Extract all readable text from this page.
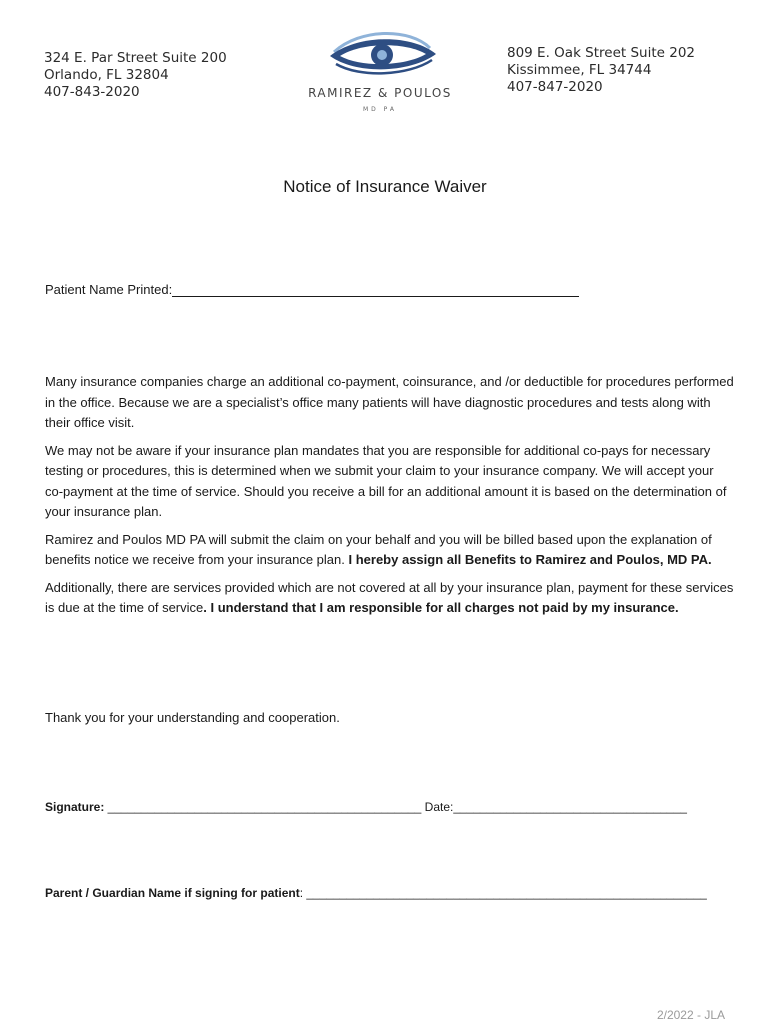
324 E. Par Street Suite 200
Orlando, FL 32804
407-843-2020	RAMIREZ & POULOS
MD PA
809 E. Oak Street Suite 202
Kissimmee, FL 34744
407-847-2020
Notice of Insurance Waiver
Patient Name Printed:

Many insurance companies charge an additional co-payment, coinsurance, and /or deductible for procedures performed in the office. Because we are a specialist’s office many patients will have diagnostic procedures and tests along with their office visit.

We may not be aware if your insurance plan mandates that you are responsible for additional co-pays for necessary testing or procedures, this is determined when we submit your claim to your insurance company. We will accept your co-payment at the time of service. Should you receive a bill for an additional amount it is based on the determination of your insurance plan.

Ramirez and Poulos MD PA will submit the claim on your behalf and you will be billed based upon the explanation of benefits notice we receive from your insurance plan. I hereby assign all Benefits to Ramirez and Poulos, MD PA.

Additionally, there are services provided which are not covered at all by your insurance plan, payment for these services is due at the time of service. I understand that I am responsible for all charges not paid by my insurance.

Thank you for your understanding and cooperation.
Signature: _______________________________________________ Date:___________________________________
Parent / Guardian Name if signing for patient: ____________________________________________________________
2/2022 - JLA
